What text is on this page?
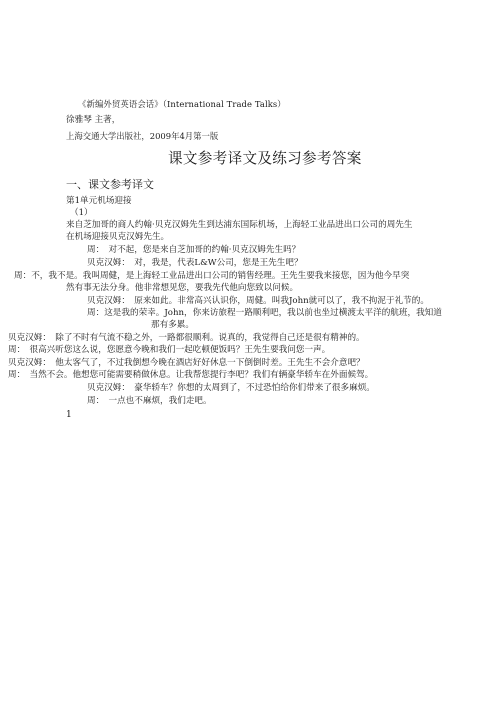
《新编外贸英语会话》（International Trade Talks）
徐雅琴 主著，
上海交通大学出版社，2009年4月第一版
课文参考译文及练习参考答案
一、课文参考译文
第1单元机场迎接
（1）
来自芝加哥的商人约翰·贝克汉姆先生到达浦东国际机场，上海轻工业品进出口公司的周先生
在机场迎接贝克汉姆先生。
周：　对不起，您是来自芝加哥的约翰·贝克汉姆先生吗？
贝克汉姆：　对，我是，代表L&W公司，您是王先生吧？
周：不，我不是。我叫周健，是上海轻工业品进出口公司的销售经理。王先生要我来接您，因为他今早突
然有事无法分身。他非常想见您，要我先代他向您致以问候。
贝克汉姆：　原来如此。非常高兴认识你，周健。叫我John就可以了，我不拘泥于礼节的。
周：这是我的荣幸。John，你来访旅程一路顺利吧，我以前也坐过横渡太平洋的航班，我知道
那有多累。
贝克汉姆：　除了不时有气流不稳之外，一路都很顺利。说真的，我觉得自己还是很有精神的。
周：　很高兴听您这么说，您愿意今晚和我们一起吃顿便饭吗？王先生要我问您一声。
贝克汉姆：　他太客气了，不过我倒想今晚在酒店好好休息一下倒倒时差。王先生不会介意吧？
周：　当然不会。他想您可能需要稍做休息。让我帮您提行李吧？我们有辆豪华轿车在外面候驾。
贝克汉姆：　豪华轿车？你想的太周到了，不过恐怕给你们带来了很多麻烦。
周：　一点也不麻烦，我们走吧。
1
